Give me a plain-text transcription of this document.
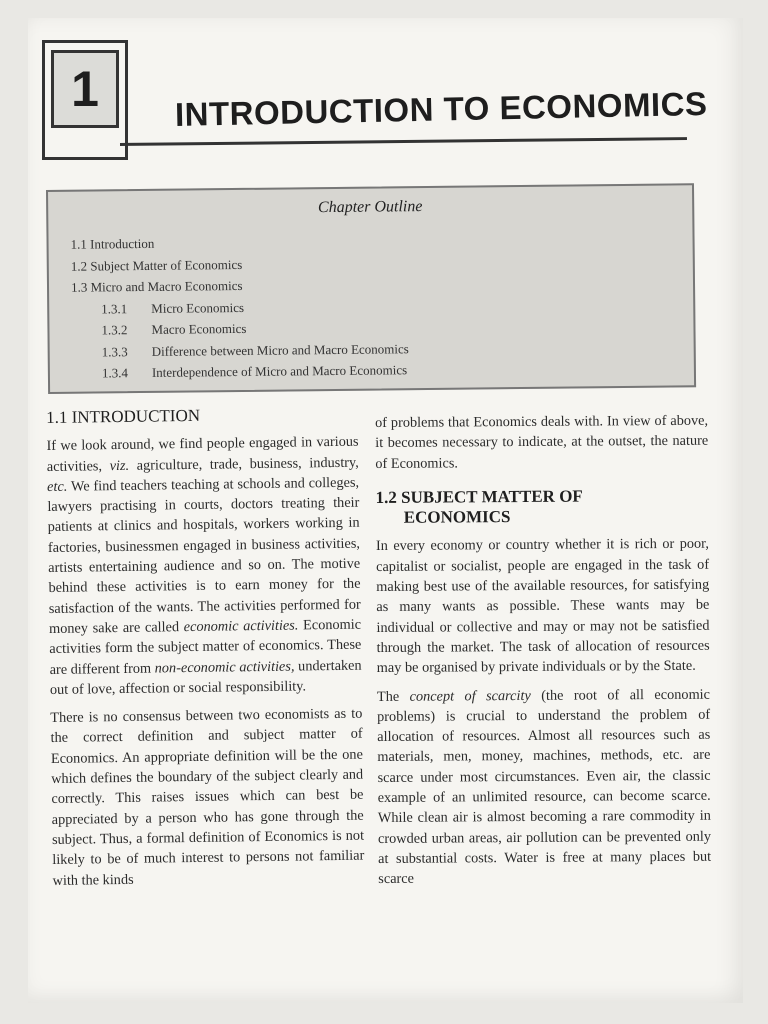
1	INTRODUCTION TO ECONOMICS
Chapter Outline
1.1 Introduction
1.2 Subject Matter of Economics
1.3 Micro and Macro Economics
1.3.1 Micro Economics
1.3.2 Macro Economics
1.3.3 Difference between Micro and Macro Economics
1.3.4 Interdependence of Micro and Macro Economics
1.1 INTRODUCTION

If we look around, we find people engaged in various activities, viz. agriculture, trade, business, industry, etc. We find teachers teaching at schools and colleges, lawyers practising in courts, doctors treating their patients at clinics and hospitals, workers working in factories, businessmen engaged in business activities, artists entertaining audience and so on. The motive behind these activities is to earn money for the satisfaction of the wants. The activities performed for money sake are called economic activities. Economic activities form the subject matter of economics. These are different from non-economic activities, undertaken out of love, affection or social responsibility.

There is no consensus between two economists as to the correct definition and subject matter of Economics. An appropriate definition will be the one which defines the boundary of the subject clearly and correctly. This raises issues which can best be appreciated by a person who has gone through the subject. Thus, a formal definition of Economics is not likely to be of much interest to persons not familiar with the kinds

of problems that Economics deals with. In view of above, it becomes necessary to indicate, at the outset, the nature of Economics.

1.2 SUBJECT MATTER OF
ECONOMICS

In every economy or country whether it is rich or poor, capitalist or socialist, people are engaged in the task of making best use of the available resources, for satisfying as many wants as possible. These wants may be individual or collective and may or may not be satisfied through the market. The task of allocation of resources may be organised by private individuals or by the State.

The concept of scarcity (the root of all economic problems) is crucial to understand the problem of allocation of resources. Almost all resources such as materials, men, money, machines, methods, etc. are scarce under most circumstances. Even air, the classic example of an unlimited resource, can become scarce. While clean air is almost becoming a rare commodity in crowded urban areas, air pollution can be prevented only at substantial costs. Water is free at many places but scarce
